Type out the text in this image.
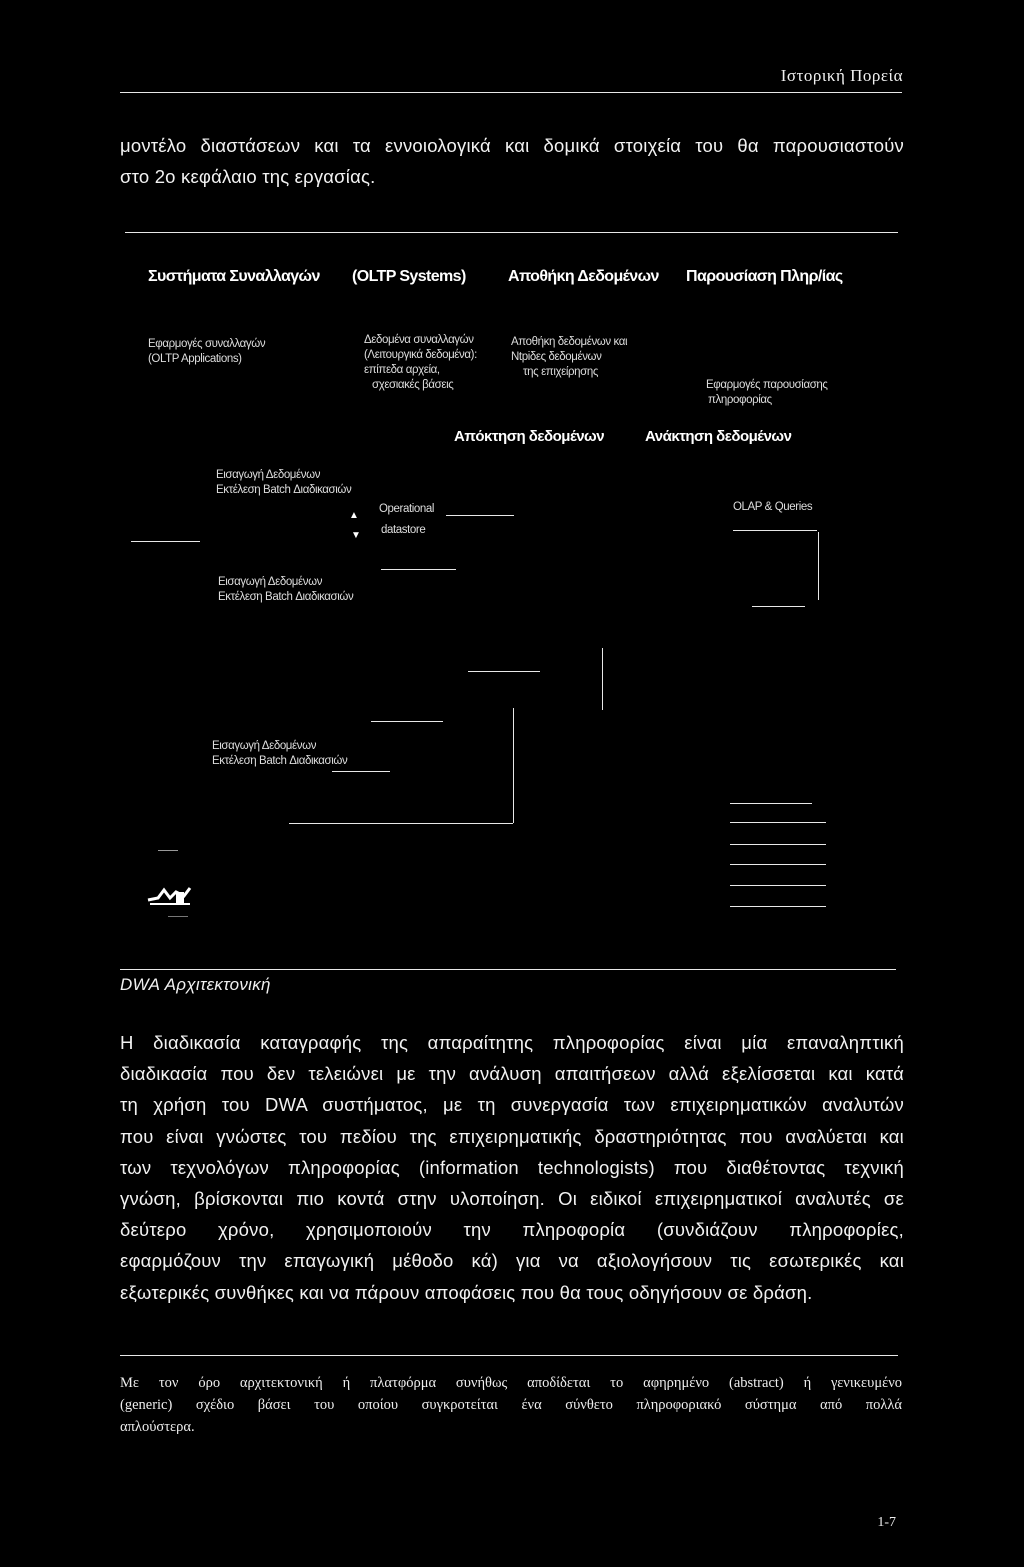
Ιστορική Πορεία
μοντέλο διαστάσεων και τα εννοιολογικά και δομικά στοιχεία του θα παρουσιαστούν
στο 2ο κεφάλαιο της εργασίας.
Συστήματα Συναλλαγών (OLTP Systems)	Αποθήκη Δεδομένων Παρουσίαση Πληρ/ίας
Εφαρμογές συναλλαγών
(OLTP Applications)
Δεδομένα συναλλαγών
(Λειτουργικά δεδομένα):
επίπεδα αρχεία,
σχεσιακές βάσεις
Αποθήκη δεδομένων και
Ntpiδες δεδομένων
της επιχείρησης
Εφαρμογές παρουσίασης
πληροφορίας
Απόκτηση δεδομένων	Ανάκτηση δεδομένων
Εισαγωγή Δεδομένων
Εκτέλεση Batch Διαδικασιών
▲
▼
Operational
datastore
OLAP & Queries
Εισαγωγή Δεδομένων
Εκτέλεση Batch Διαδικασιών
Εισαγωγή Δεδομένων
Εκτέλεση Batch Διαδικασιών
DWA Αρχιτεκτονική
Η διαδικασία καταγραφής της απαραίτητης πληροφορίας είναι μία επαναληπτική
διαδικασία που δεν τελειώνει με την ανάλυση απαιτήσεων αλλά εξελίσσεται και κατά
τη χρήση του DWA συστήματος, με τη συνεργασία των επιχειρηματικών αναλυτών
που είναι γνώστες του πεδίου της επιχειρηματικής δραστηριότητας που αναλύεται και
των τεχνολόγων πληροφορίας (information technologists) που διαθέτοντας τεχνική
γνώση, βρίσκονται πιο κοντά στην υλοποίηση. Οι ειδικοί επιχειρηματικοί αναλυτές σε
δεύτερο χρόνο, χρησιμοποιούν την πληροφορία (συνδιάζουν πληροφορίες,
εφαρμόζουν την επαγωγική μέθοδο κά) για να αξιολογήσουν τις εσωτερικές και
εξωτερικές συνθήκες και να πάρουν αποφάσεις που θα τους οδηγήσουν σε δράση.
Με τον όρο αρχιτεκτονική ή πλατφόρμα συνήθως αποδίδεται το αφηρημένο (abstract) ή γενικευμένο
(generic) σχέδιο βάσει του οποίου συγκροτείται ένα σύνθετο πληροφοριακό σύστημα από πολλά
απλούστερα.
1-7
